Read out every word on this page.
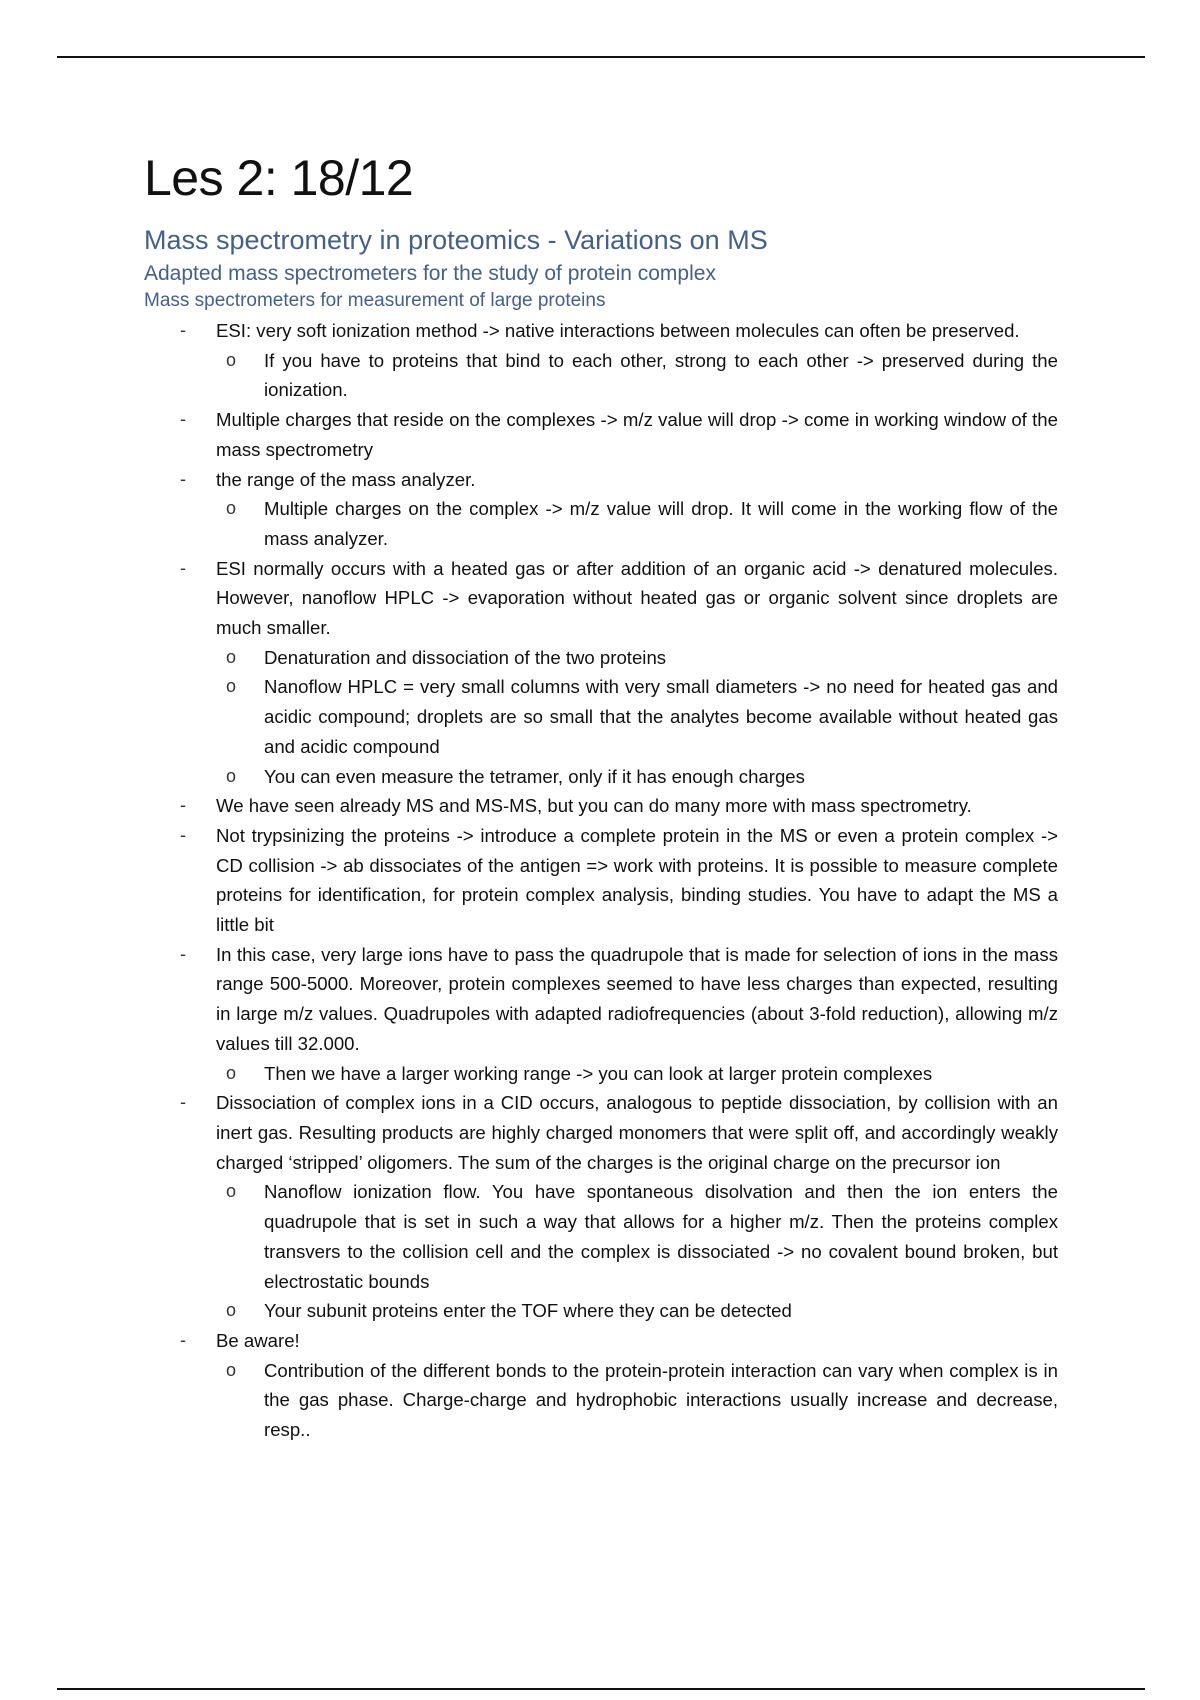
Les 2: 18/12
Mass spectrometry in proteomics - Variations on MS
Adapted mass spectrometers for the study of protein complex
Mass spectrometers for measurement of large proteins
- ESI: very soft ionization method -> native interactions between molecules can often be preserved.
o If you have to proteins that bind to each other, strong to each other -> preserved during the ionization.
- Multiple charges that reside on the complexes -> m/z value will drop -> come in working window of the mass spectrometry
- the range of the mass analyzer.
o Multiple charges on the complex -> m/z value will drop. It will come in the working flow of the mass analyzer.
- ESI normally occurs with a heated gas or after addition of an organic acid -> denatured molecules. However, nanoflow HPLC -> evaporation without heated gas or organic solvent since droplets are much smaller.
o Denaturation and dissociation of the two proteins
o Nanoflow HPLC = very small columns with very small diameters -> no need for heated gas and acidic compound; droplets are so small that the analytes become available without heated gas and acidic compound
o You can even measure the tetramer, only if it has enough charges
- We have seen already MS and MS-MS, but you can do many more with mass spectrometry.
- Not trypsinizing the proteins -> introduce a complete protein in the MS or even a protein complex -> CD collision -> ab dissociates of the antigen => work with proteins. It is possible to measure complete proteins for identification, for protein complex analysis, binding studies. You have to adapt the MS a little bit
- In this case, very large ions have to pass the quadrupole that is made for selection of ions in the mass range 500-5000. Moreover, protein complexes seemed to have less charges than expected, resulting in large m/z values. Quadrupoles with adapted radiofrequencies (about 3-fold reduction), allowing m/z values till 32.000.
o Then we have a larger working range -> you can look at larger protein complexes
- Dissociation of complex ions in a CID occurs, analogous to peptide dissociation, by collision with an inert gas. Resulting products are highly charged monomers that were split off, and accordingly weakly charged ‘stripped’ oligomers. The sum of the charges is the original charge on the precursor ion
o Nanoflow ionization flow. You have spontaneous disolvation and then the ion enters the quadrupole that is set in such a way that allows for a higher m/z. Then the proteins complex transvers to the collision cell and the complex is dissociated -> no covalent bound broken, but electrostatic bounds
o Your subunit proteins enter the TOF where they can be detected
- Be aware!
o Contribution of the different bonds to the protein-protein interaction can vary when complex is in the gas phase. Charge-charge and hydrophobic interactions usually increase and decrease, resp..
